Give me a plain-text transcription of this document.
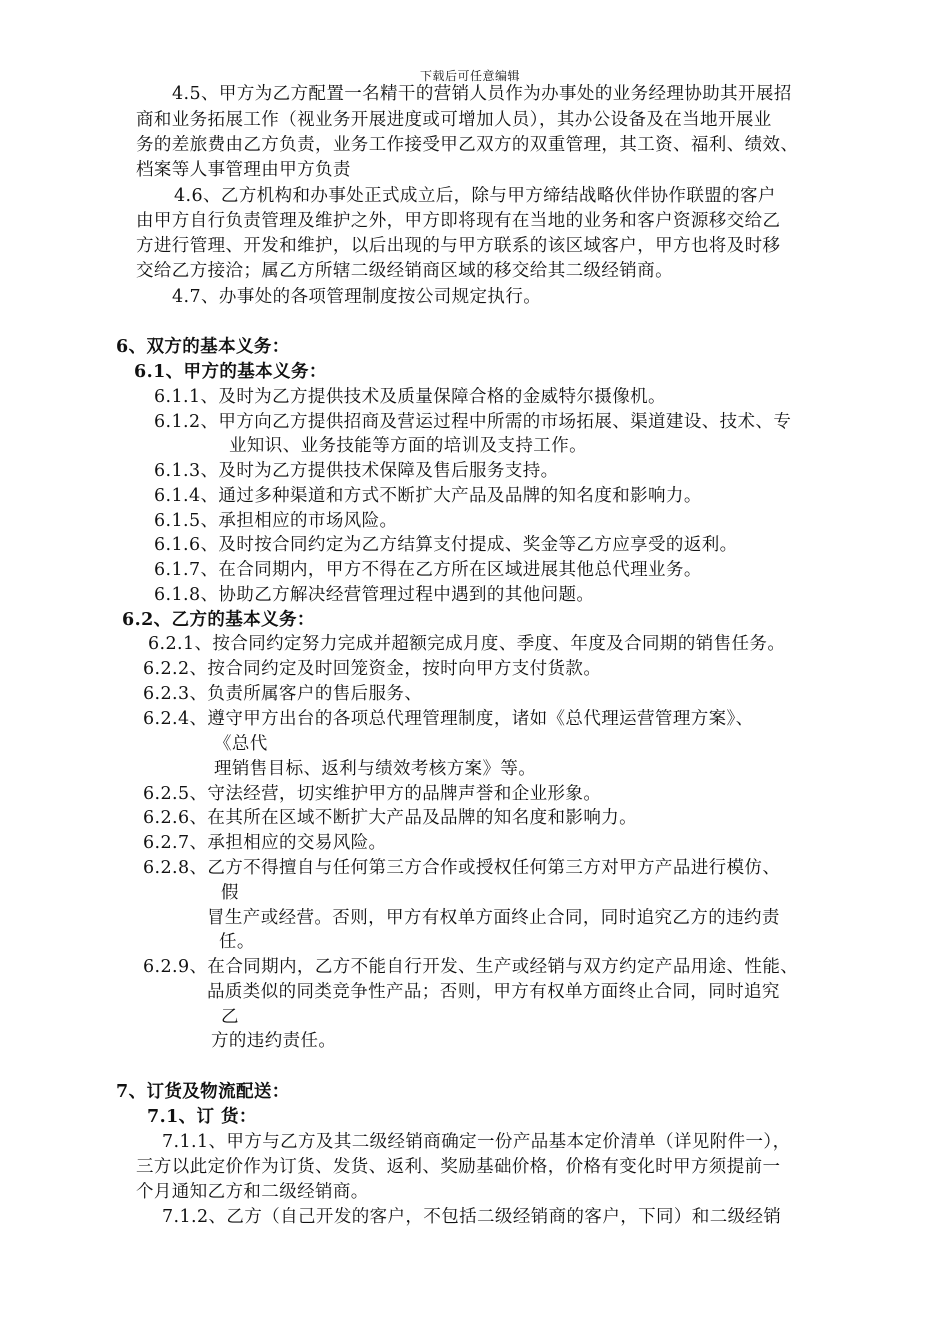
下载后可任意编辑
4.5、甲方为乙方配置一名精干的营销人员作为办事处的业务经理协助其开展招
商和业务拓展工作（视业务开展进度或可增加人员），其办公设备及在当地开展业
务的差旅费由乙方负责，业务工作接受甲乙双方的双重管理，其工资、福利、绩效、
档案等人事管理由甲方负责
4.6、乙方机构和办事处正式成立后，除与甲方缔结战略伙伴协作联盟的客户
由甲方自行负责管理及维护之外，甲方即将现有在当地的业务和客户资源移交给乙
方进行管理、开发和维护，以后出现的与甲方联系的该区域客户，甲方也将及时移
交给乙方接洽；属乙方所辖二级经销商区域的移交给其二级经销商。
4.7、办事处的各项管理制度按公司规定执行。
6、双方的基本义务：
6.1、甲方的基本义务：
6.1.1、及时为乙方提供技术及质量保障合格的金威特尔摄像机。
6.1.2、甲方向乙方提供招商及营运过程中所需的市场拓展、渠道建设、技术、专
业知识、业务技能等方面的培训及支持工作。
6.1.3、及时为乙方提供技术保障及售后服务支持。
6.1.4、通过多种渠道和方式不断扩大产品及品牌的知名度和影响力。
6.1.5、承担相应的市场风险。
6.1.6、及时按合同约定为乙方结算支付提成、奖金等乙方应享受的返利。
6.1.7、在合同期内，甲方不得在乙方所在区域进展其他总代理业务。
6.1.8、协助乙方解决经营管理过程中遇到的其他问题。
6.2、乙方的基本义务：
6.2.1、按合同约定努力完成并超额完成月度、季度、年度及合同期的销售任务。
6.2.2、按合同约定及时回笼资金，按时向甲方支付货款。
6.2.3、负责所属客户的售后服务、
6.2.4、遵守甲方出台的各项总代理管理制度，诸如《总代理运营管理方案》、
《总代
理销售目标、返利与绩效考核方案》等。
6.2.5、守法经营，切实维护甲方的品牌声誉和企业形象。
6.2.6、在其所在区域不断扩大产品及品牌的知名度和影响力。
6.2.7、承担相应的交易风险。
6.2.8、乙方不得擅自与任何第三方合作或授权任何第三方对甲方产品进行模仿、
假
冒生产或经营。否则，甲方有权单方面终止合同，同时追究乙方的违约责
任。
6.2.9、在合同期内，乙方不能自行开发、生产或经销与双方约定产品用途、性能、
品质类似的同类竞争性产品；否则，甲方有权单方面终止合同，同时追究
乙
方的违约责任。
7、订货及物流配送：
7.1、订 货：
7.1.1、甲方与乙方及其二级经销商确定一份产品基本定价清单（详见附件一），
三方以此定价作为订货、发货、返利、奖励基础价格，价格有变化时甲方须提前一
个月通知乙方和二级经销商。
7.1.2、乙方（自己开发的客户，不包括二级经销商的客户，下同）和二级经销
